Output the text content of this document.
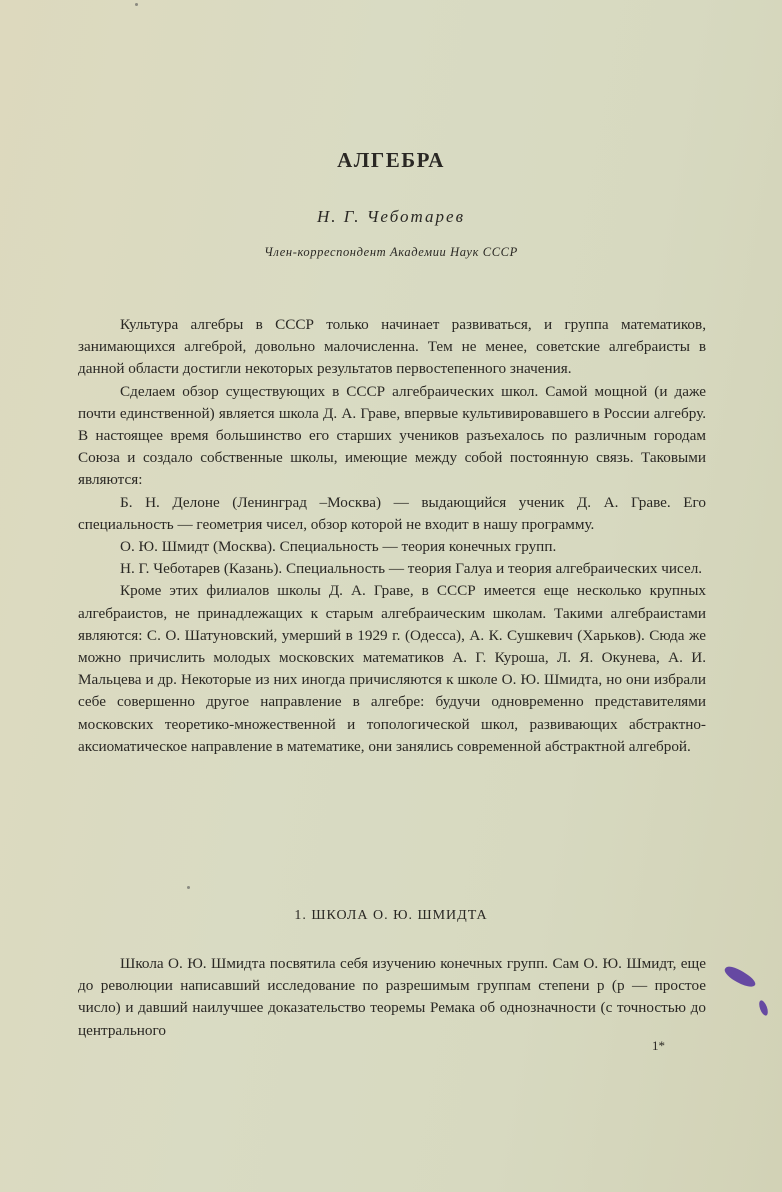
АЛГЕБРА
Н. Г. Чеботарев
Член-корреспондент Академии Наук СССР

Культура алгебры в СССР только начинает развиваться, и группа математиков, занимающихся алгеброй, довольно малочисленна. Тем не менее, советские алгебраисты в данной области достигли некоторых результатов первостепенного значения.

Сделаем обзор существующих в СССР алгебраических школ. Самой мощной (и даже почти единственной) является школа Д. А. Граве, впервые культивировавшего в России алгебру. В настоящее время большинство его старших учеников разъехалось по различным городам Союза и создало собственные школы, имеющие между собой постоянную связь. Таковыми являются:

Б. Н. Делоне (Ленинград –Москва) — выдающийся ученик Д. А. Граве. Его специальность — геометрия чисел, обзор которой не входит в нашу программу.

О. Ю. Шмидт (Москва). Специальность — теория конечных групп.

Н. Г. Чеботарев (Казань). Специальность — теория Галуа и теория алгебраических чисел.

Кроме этих филиалов школы Д. А. Граве, в СССР имеется еще несколько крупных алгебраистов, не принадлежащих к старым алгебраическим школам. Такими алгебраистами являются: С. О. Шатуновский, умерший в 1929 г. (Одесса), А. К. Сушкевич (Харьков). Сюда же можно причислить молодых московских математиков А. Г. Куроша, Л. Я. Окунева, А. И. Мальцева и др. Некоторые из них иногда причисляются к школе О. Ю. Шмидта, но они избрали себе совершенно другое направление в алгебре: будучи одновременно представителями московских теоретико-множественной и топологической школ, развивающих абстрактно-аксиоматическое направление в математике, они занялись современной абстрактной алгеброй.

1. ШКОЛА О. Ю. ШМИДТА

Школа О. Ю. Шмидта посвятила себя изучению конечных групп. Сам О. Ю. Шмидт, еще до революции написавший исследование по разрешимым группам степени p (p — простое число) и давший наилучшее доказательство теоремы Ремака об однозначности (с точностью до центрального

1*
